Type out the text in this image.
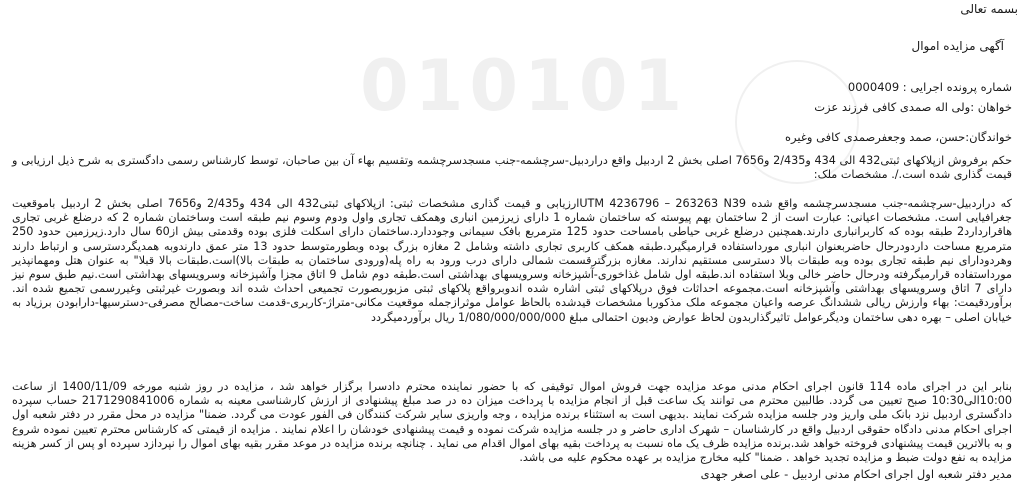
010101
بسمه تعالی
آگهی مزایده اموال
شماره پرونده اجرایی : 0000409
خواهان :ولی اله صمدی کافی فرزند عزت
خواندگان:حسن، صمد وجعفرصمدی کافی وغیره
حکم برفروش ازپلاکهای ثبتی432 الی 434 و2/435 و7656 اصلی بخش 2 اردبیل واقع دراردبیل-سرچشمه-جنب مسجدسرچشمه وتقسیم بهاء آن بین صاحبان، توسط کارشناس رسمی دادگستری به شرح ذیل ارزیابی و قیمت گذاری شده است./. مشخصات ملک:
که دراردبیل-سرچشمه-جنب مسجدسرچشمه واقع شده UTM 4236796 – 263263 N39ارزیابی و قیمت گذاری مشخصات ثبتی: ازپلاکهای ثبتی432 الی 434 و2/435 و7656 اصلی بخش 2 اردبیل باموقعیت جغرافیایی است. مشخصات اعیانی: عبارت است از 2 ساختمان بهم پیوسته که ساختمان شماره 1 دارای زیرزمین انباری وهمکف تجاری واول ودوم وسوم نیم طبقه است وساختمان شماره 2 که درضلع غربی تجاری هاقراردارد2 طبقه بوده که کاربرانباری دارند.همچنین درضلع غربی حیاطی بامساحت حدود 125 مترمربع بافک سیمانی وجوددارد.ساختمان دارای اسکلت فلزی بوده وقدمتی بیش از60 سال دارد.زیرزمین حدود 250 مترمربع مساحت داردودرحال حاضربعنوان انباری مورداستفاده قرارمیگیرد.طبقه همکف کاربری تجاری داشته وشامل 2 مغازه بزرگ بوده وبطورمتوسط حدود 13 متر عمق دارندوبه همدیگردسترسی و ارتباط دارند وهردودارای نیم طبقه تجاری بوده وبه طبقات بالا دسترسی مستقیم ندارند. مغازه بزرگترقسمت شمالی دارای درب ورود به راه پله(ورودی ساختمان به طبقات بالا)است.طبقات بالا قبلا" به عنوان هتل ومهمانپذیر مورداستفاده قرارمیگرفته ودرحال حاضر خالی وبلا استفاده اند.طبقه اول شامل غذاخوری-آشپزخانه وسرویسهای بهداشتی است.طبقه دوم شامل 9 اتاق مجزا وآشپزخانه وسرویسهای بهداشتی است.نیم طبق سوم نیز دارای 7 اتاق وسرویسهای بهداشتی وآشپزخانه است.مجموعه احداثات فوق درپلاکهای ثبتی اشاره شده اندوبرواقع پلاکهای ثبتی مزبوربصورت تجمیعی احداث شده اند وبصورت غیرثبتی وغیررسمی تجمیع شده اند. برآوردقیمت: بهاء وارزش ریالی ششدانگ عرصه واعیان مجموعه ملک مذکوربا مشخصات قیدشده بالحاظ عوامل موثرازجمله موقعیت مکانی-متراژ-کاربری-قدمت ساخت-مصالح مصرفی-دسترسیها-دارابودن برزیاد به خیابان اصلی – بهره دهی ساختمان ودیگرعوامل تاثیرگذاربدون لحاظ عوارض ودیون احتمالی مبلغ 1/080/000/000/000 ریال برآوردمیگردد
بنابر این در اجرای ماده 114 قانون اجرای احکام مدنی موعد مزایده جهت فروش اموال توقیفی که با حضور نماینده محترم دادسرا برگزار خواهد شد ، مزایده در روز شنبه مورخه 1400/11/09 از ساعت 10:00الی10:30 صبح تعیین می گردد. طالبین محترم می توانند یک ساعت قبل از انجام مزایده با پرداخت میزان ده در صد مبلغ پیشنهادی از ارزش کارشناسی معینه به شماره 2171290841006 حساب سپرده دادگستری اردبیل نزد بانک ملی واریز ودر جلسه مزایده شرکت نمایند .بدیهی است به استثناء برنده مزایده ، وجه واریزی سایر شرکت کنندگان فی الفور عودت می گردد. ضمنا" مزایده در محل مقرر در دفتر شعبه اول اجرای احکام مدنی دادگاه حقوقی اردبیل واقع در کارشناسان – شهرک اداری حاضر و در جلسه مزایده شرکت نموده و قیمت پیشنهادی خودشان را اعلام نمایند . مزایده از قیمتی که کارشناس محترم تعیین نموده شروع و به بالاترین قیمت پیشنهادی فروخته خواهد شد.برنده مزایده ظرف یک ماه نسبت به پرداخت بقیه بهای اموال اقدام می نماید . چنانچه برنده مزایده در موعد مقرر بقیه بهای اموال را نپردازد سپرده او پس از کسر هزینه مزایده به نفع دولت ضبط و مزایده تجدید خواهد . ضمنا" کلیه مخارج مزایده بر عهده محکوم علیه می باشد.
مدیر دفتر شعبه اول اجرای احکام مدنی اردبیل - علی اصغر جهدی
